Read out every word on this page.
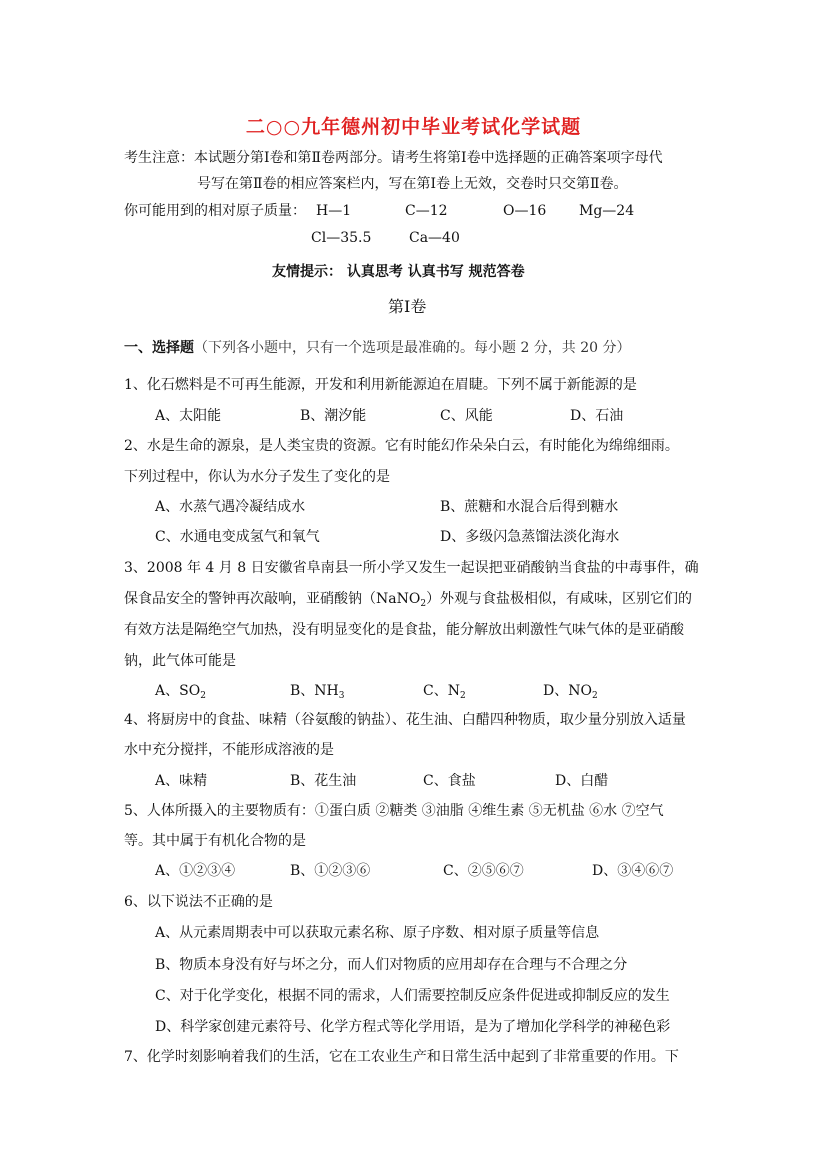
二○○九年德州初中毕业考试化学试题
考生注意：本试题分第Ⅰ卷和第Ⅱ卷两部分。请考生将第Ⅰ卷中选择题的正确答案项字母代
号写在第Ⅱ卷的相应答案栏内，写在第Ⅰ卷上无效，交卷时只交第Ⅱ卷。
你可能用到的相对原子质量： H—1	C—12	O—16 Mg—24
Cl—35.5	Ca—40
友情提示： 认真思考 认真书写 规范答卷
第Ⅰ卷
一、选择题（下列各小题中，只有一个选项是最准确的。每小题 2 分，共 20 分）
1、化石燃料是不可再生能源，开发和利用新能源迫在眉睫。下列不属于新能源的是
A、太阳能	B、潮汐能	C、风能	D、石油
2、水是生命的源泉，是人类宝贵的资源。它有时能幻作朵朵白云，有时能化为绵绵细雨。
下列过程中，你认为水分子发生了变化的是
A、水蒸气遇冷凝结成水	B、蔗糖和水混合后得到糖水
C、水通电变成氢气和氧气	D、多级闪急蒸馏法淡化海水
3、2008 年 4 月 8 日安徽省阜南县一所小学又发生一起误把亚硝酸钠当食盐的中毒事件，确
保食品安全的警钟再次敲响，亚硝酸钠（NaNO$_2$）外观与食盐极相似，有咸味，区别它们的
有效方法是隔绝空气加热，没有明显变化的是食盐，能分解放出刺激性气味气体的是亚硝酸
钠，此气体可能是
A、$SO_2$	B、$NH_3$	C、$N_2$	D、$NO_2$
4、将厨房中的食盐、味精（谷氨酸的钠盐）、花生油、白醋四种物质，取少量分别放入适量
水中充分搅拌，不能形成溶液的是
A、味精	B、花生油	C、食盐	D、白醋
5、人体所摄入的主要物质有：①蛋白质 ②糖类 ③油脂 ④维生素 ⑤无机盐 ⑥水 ⑦空气
等。其中属于有机化合物的是
A、①②③④	B、①②③⑥	C、②⑤⑥⑦	D、③④⑥⑦
6、以下说法不正确的是
A、从元素周期表中可以获取元素名称、原子序数、相对原子质量等信息
B、物质本身没有好与坏之分，而人们对物质的应用却存在合理与不合理之分
C、对于化学变化，根据不同的需求，人们需要控制反应条件促进或抑制反应的发生
D、科学家创建元素符号、化学方程式等化学用语，是为了增加化学科学的神秘色彩
7、化学时刻影响着我们的生活，它在工农业生产和日常生活中起到了非常重要的作用。下
